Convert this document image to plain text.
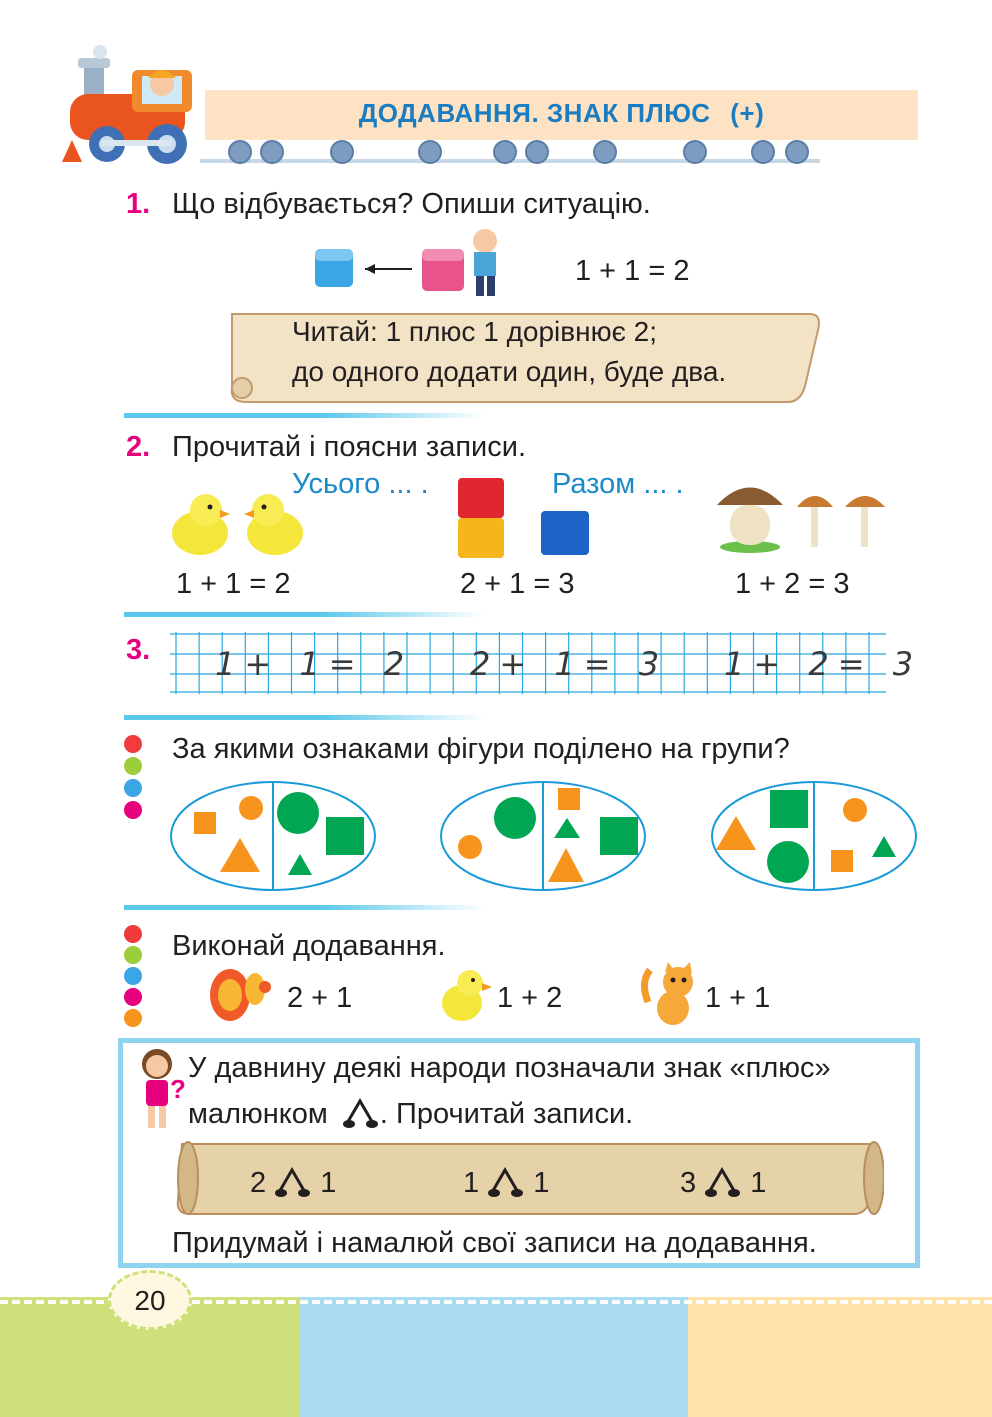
ДОДАВАННЯ. ЗНАК ПЛЮС (+)
1. Що відбувається? Опиши ситуацію.
1 + 1 = 2
Читай: 1 плюс 1 дорівнює 2;
до одного додати один, буде два.
2. Прочитай і поясни записи.
Усього ... .	Разом ... .
1 + 1 = 2	2 + 1 = 3	1 + 2 = 3
3. 1+ 1= 2 2+ 1= 3 1+ 2= 3
За якими ознаками фігури поділено на групи?
Виконай додавання.
2 + 1	1 + 2	1 + 1
?
У давнину деякі народи позначали знак «плюс»
малюнком . Прочитай записи.
2 1	1 1	3 1
Придумай і намалюй свої записи на додавання.
20
